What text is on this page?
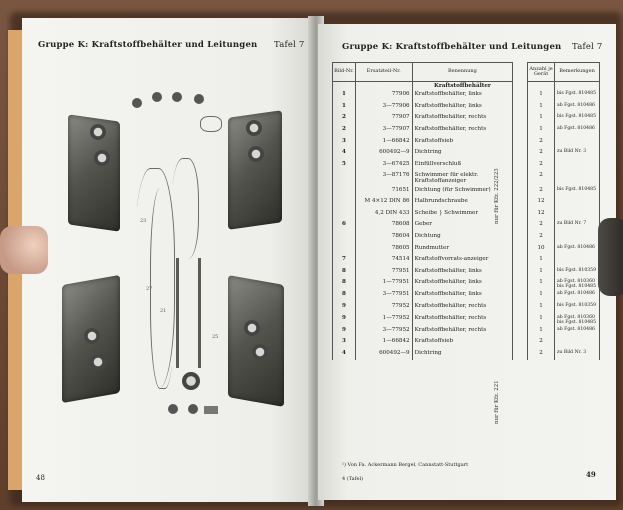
Gruppe K: Kraftstoffbehälter und Leitungen Tafel 7
23
21
27
25
48
Gruppe K: Kraftstoffbehälter und Leitungen Tafel 7
Bild-Nr.	Ersatzteil-Nr.	Benennung		Anzahl je Gerät	Bemerkungen
		Kraftstoffbehälter			
1	77906	Kraftstoffbehälter, links		1	bis Fgst. 810485
1	3—77906	Kraftstoffbehälter, links		1	ab Fgst. 810486
2	77907	Kraftstoffbehälter, rechts		1	bis Fgst. 810485
2	3—77907	Kraftstoffbehälter, rechts		1	ab Fgst. 810486
3	1—66842	Kraftstoffsieb		2	
4	600492—9	Dichtring		2	zu Bild Nr. 3
5	3—67425	Einfüllverschluß		2	
	3—87176	Schwimmer für elektr. Kraftstoffanzeiger		2	
	71651	Dichtung (für Schwimmer)		2	bis Fgst. 810485
	M 4×12 DIN 86	Halbrundschraube		12	
	4,2 DIN 433	Scheibe } Schwimmer		12	
6	78608	Geber		2	zu Bild Nr. 7
	78604	Dichtung		2	
	78605	Rundmutter		10	ab Fgst. 810486
7	74514	Kraftstoffvorrats-anzeiger		1	
8	77951	Kraftstoffbehälter, links		1	bis Fgst. 810359
8	1—77951	Kraftstoffbehälter, links		1	ab Fgst. 810360 bis Fgst. 810485
8	3—77951	Kraftstoffbehälter, links		1	ab Fgst. 810486
9	77952	Kraftstoffbehälter, rechts		1	bis Fgst. 810359
9	1—77952	Kraftstoffbehälter, rechts		1	ab Fgst. 810360 bis Fgst. 810485
9	3—77952	Kraftstoffbehälter, rechts		1	ab Fgst. 810486
3	1—66842	Kraftstoffsieb		2	
4	600492—9	Dichtring		2	zu Bild Nr. 3
nur für Kfz. 222/223
nur für Kfz. 221
¹) Von Fa. Ackermann Bergel, Cannstatt-Stuttgart
4 (Tafel)	49
